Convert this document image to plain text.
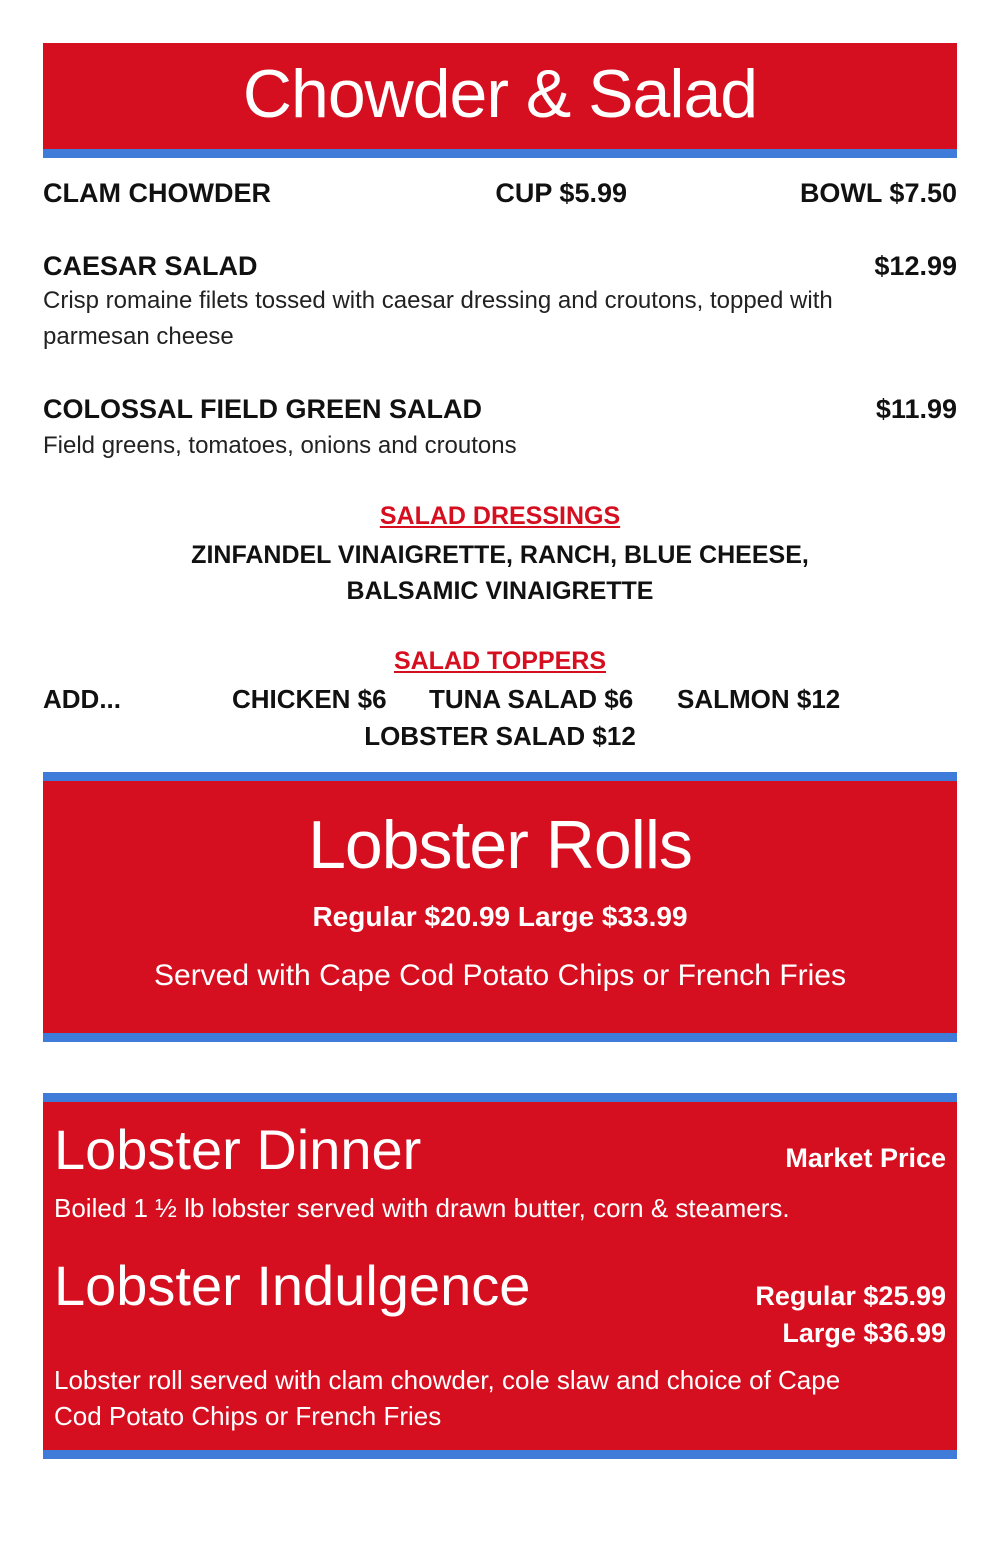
Chowder & Salad
CLAM CHOWDER	CUP $5.99	BOWL $7.50
CAESAR SALAD	$12.99
Crisp romaine filets tossed with caesar dressing and croutons, topped with
parmesan cheese
COLOSSAL FIELD GREEN SALAD	$11.99
Field greens, tomatoes, onions and croutons
SALAD DRESSINGS
ZINFANDEL VINAIGRETTE, RANCH, BLUE CHEESE,
BALSAMIC VINAIGRETTE
SALAD TOPPERS
ADD...	CHICKEN $6 TUNA SALAD $6 SALMON $12
LOBSTER SALAD $12
Lobster Rolls
Regular $20.99 Large $33.99
Served with Cape Cod Potato Chips or French Fries
Lobster Dinner	Market Price
Boiled 1 ½ lb lobster served with drawn butter, corn & steamers.
Lobster Indulgence	Regular $25.99
Large $36.99
Lobster roll served with clam chowder, cole slaw and choice of Cape
Cod Potato Chips or French Fries
